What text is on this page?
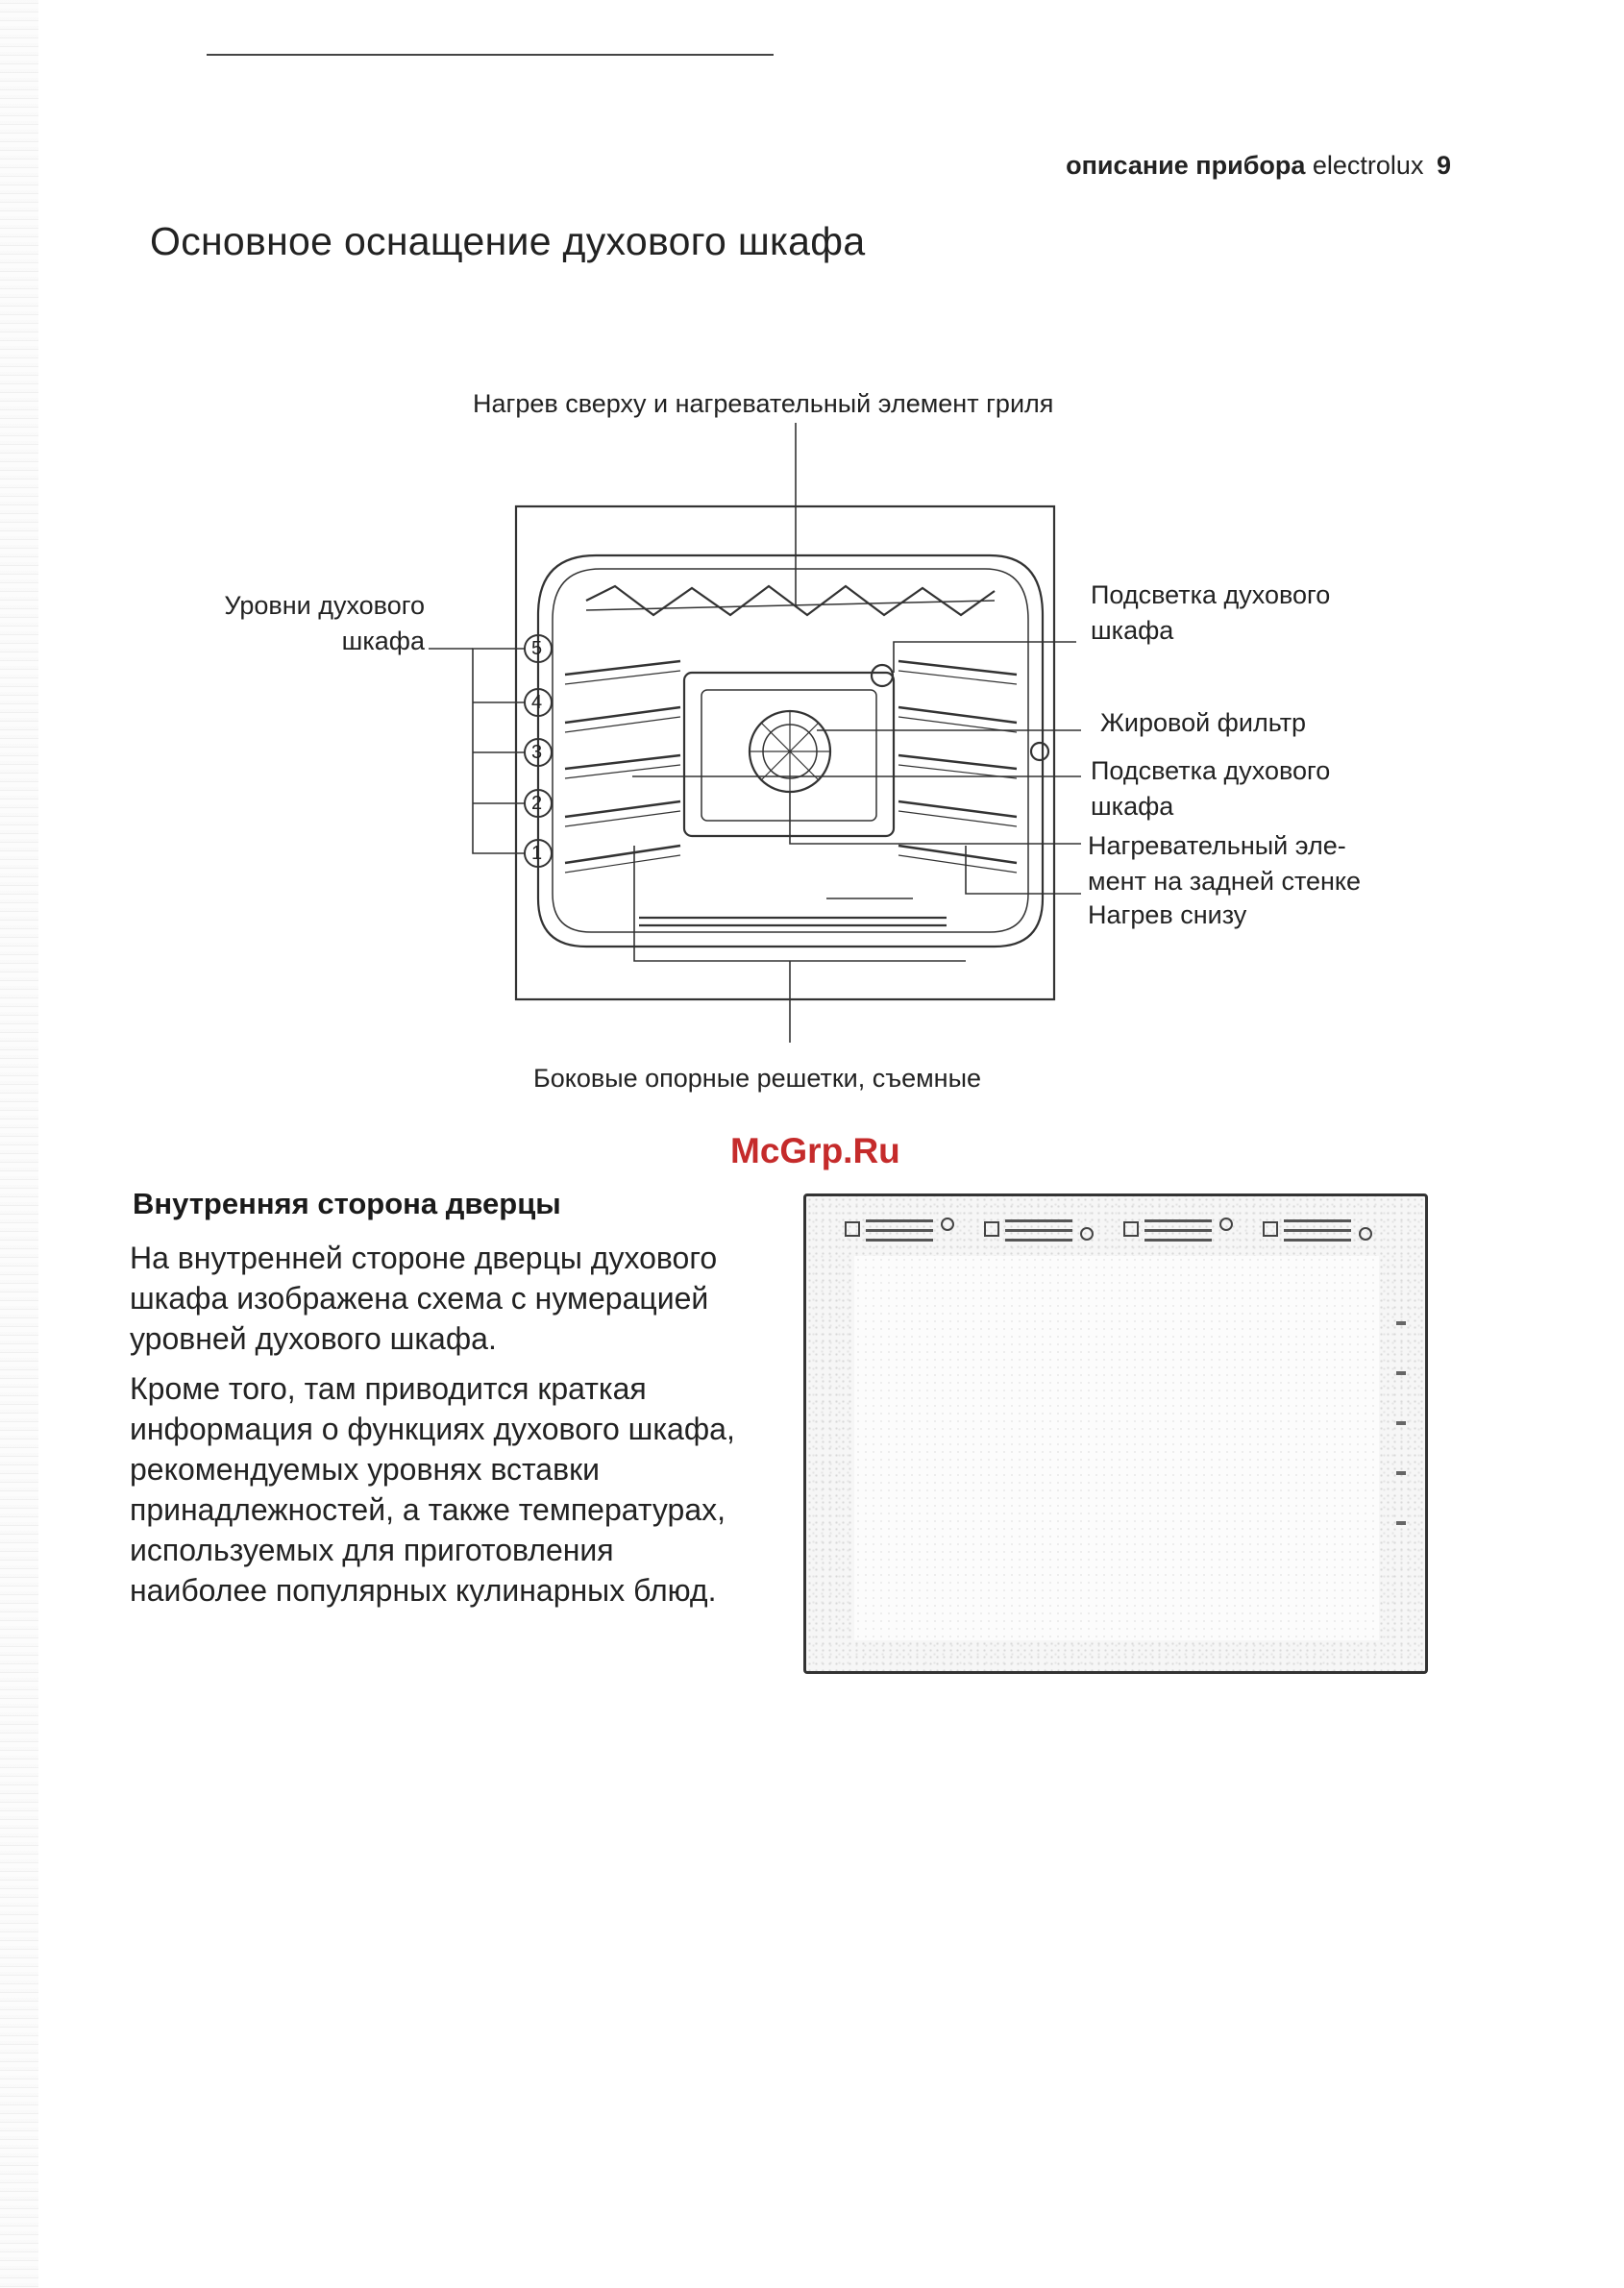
описание прибора electrolux 9
Основное оснащение духового шкафа
5
4
3
2
1
Нагрев сверху и нагревательный элемент гриля
Уровни духового
шкафа
Подсветка духового
шкафа
Жировой фильтр
Подсветка духового
шкафа
Нагревательный эле-
мент на задней стенке
Нагрев снизу
Боковые опорные решетки, съемные
McGrp.Ru
Внутренняя сторона дверцы
На внутренней стороне дверцы духового шкафа изображена схема с нумерацией уровней духового шкафа.
Кроме того, там приводится краткая информация о функциях духового шкафа, рекомендуемых уровнях вставки принадлежностей, а также температурах, используемых для приготовления наиболее популярных кулинарных блюд.
